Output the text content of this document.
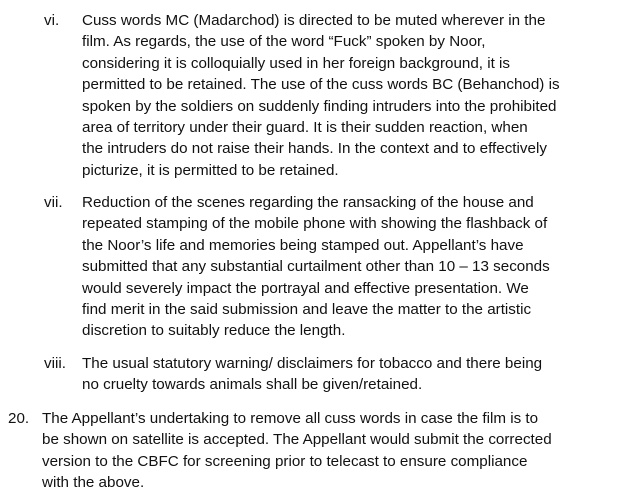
vi. Cuss words MC (Madarchod) is directed to be muted wherever in the
film. As regards, the use of the word “Fuck” spoken by Noor,
considering it is colloquially used in her foreign background, it is
permitted to be retained. The use of the cuss words BC (Behanchod) is
spoken by the soldiers on suddenly finding intruders into the prohibited
area of territory under their guard. It is their sudden reaction, when
the intruders do not raise their hands. In the context and to effectively
picturize, it is permitted to be retained.
vii. Reduction of the scenes regarding the ransacking of the house and
repeated stamping of the mobile phone with showing the flashback of
the Noor’s life and memories being stamped out. Appellant’s have
submitted that any substantial curtailment other than 10 – 13 seconds
would severely impact the portrayal and effective presentation. We
find merit in the said submission and leave the matter to the artistic
discretion to suitably reduce the length.
viii. The usual statutory warning/ disclaimers for tobacco and there being
no cruelty towards animals shall be given/retained.
20. The Appellant’s undertaking to remove all cuss words in case the film is to
be shown on satellite is accepted. The Appellant would submit the corrected
version to the CBFC for screening prior to telecast to ensure compliance
with the above.
